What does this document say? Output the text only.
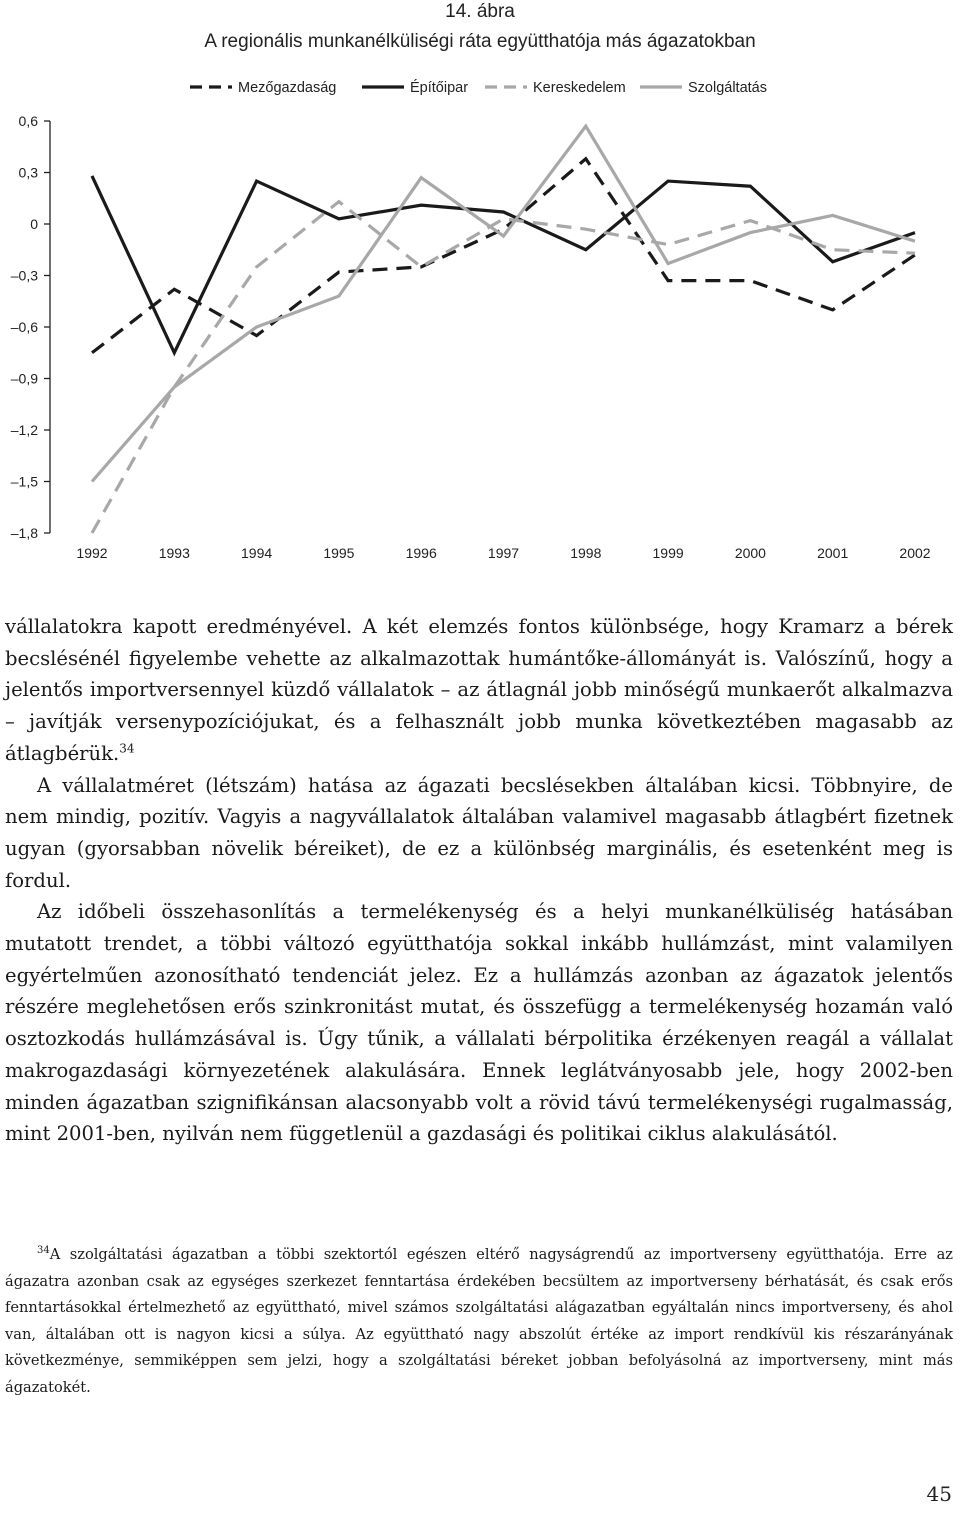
14. ábra
A regionális munkanélküliségi ráta együtthatója más ágazatokban
Mezőgazdaság	Építőipar	Kereskedelem	Szolgáltatás
0,6
0,3
0
–0,3
–0,6
–0,9
–1,2
–1,5
–1,8
1992	1993	1994	1995	1996	1997	1998	1999	2000	2001	2002

vállalatokra kapott eredményével. A két elemzés fontos különbsége, hogy Kramarz a bérek becslésénél figyelembe vehette az alkalmazottak humántőke-állományát is. Valószínű, hogy a jelentős importversennyel küzdő vállalatok – az átlagnál jobb minőségű munkaerőt alkalmazva – javítják versenypozíciójukat, és a felhasznált jobb munka következtében magasabb az átlagbérük.$^{34}$

A vállalatméret (létszám) hatása az ágazati becslésekben általában kicsi. Többnyire, de nem mindig, pozitív. Vagyis a nagyvállalatok általában valamivel magasabb átlagbért fizetnek ugyan (gyorsabban növelik béreiket), de ez a különbség marginális, és esetenként meg is fordul.

Az időbeli összehasonlítás a termelékenység és a helyi munkanélküliség hatásában mutatott trendet, a többi változó együtthatója sokkal inkább hullámzást, mint valamilyen egyértelműen azonosítható tendenciát jelez. Ez a hullámzás azonban az ágazatok jelentős részére meglehetősen erős szinkronitást mutat, és összefügg a termelékenység hozamán való osztozkodás hullámzásával is. Úgy tűnik, a vállalati bérpolitika érzékenyen reagál a vállalat makrogazdasági környezetének alakulására. Ennek leglátványosabb jele, hogy 2002-ben minden ágazatban szignifikánsan alacsonyabb volt a rövid távú termelékenységi rugalmasság, mint 2001-ben, nyilván nem függetlenül a gazdasági és politikai ciklus alakulásától.

$^{34}$A szolgáltatási ágazatban a többi szektortól egészen eltérő nagyságrendű az importverseny együtthatója. Erre az ágazatra azonban csak az egységes szerkezet fenntartása érdekében becsültem az importverseny bérhatását, és csak erős fenntartásokkal értelmezhető az együttható, mivel számos szolgáltatási alágazatban egyáltalán nincs importverseny, és ahol van, általában ott is nagyon kicsi a súlya. Az együttható nagy abszolút értéke az import rendkívül kis részarányának következménye, semmiképpen sem jelzi, hogy a szolgáltatási béreket jobban befolyásolná az importverseny, mint más ágazatokét.

45
